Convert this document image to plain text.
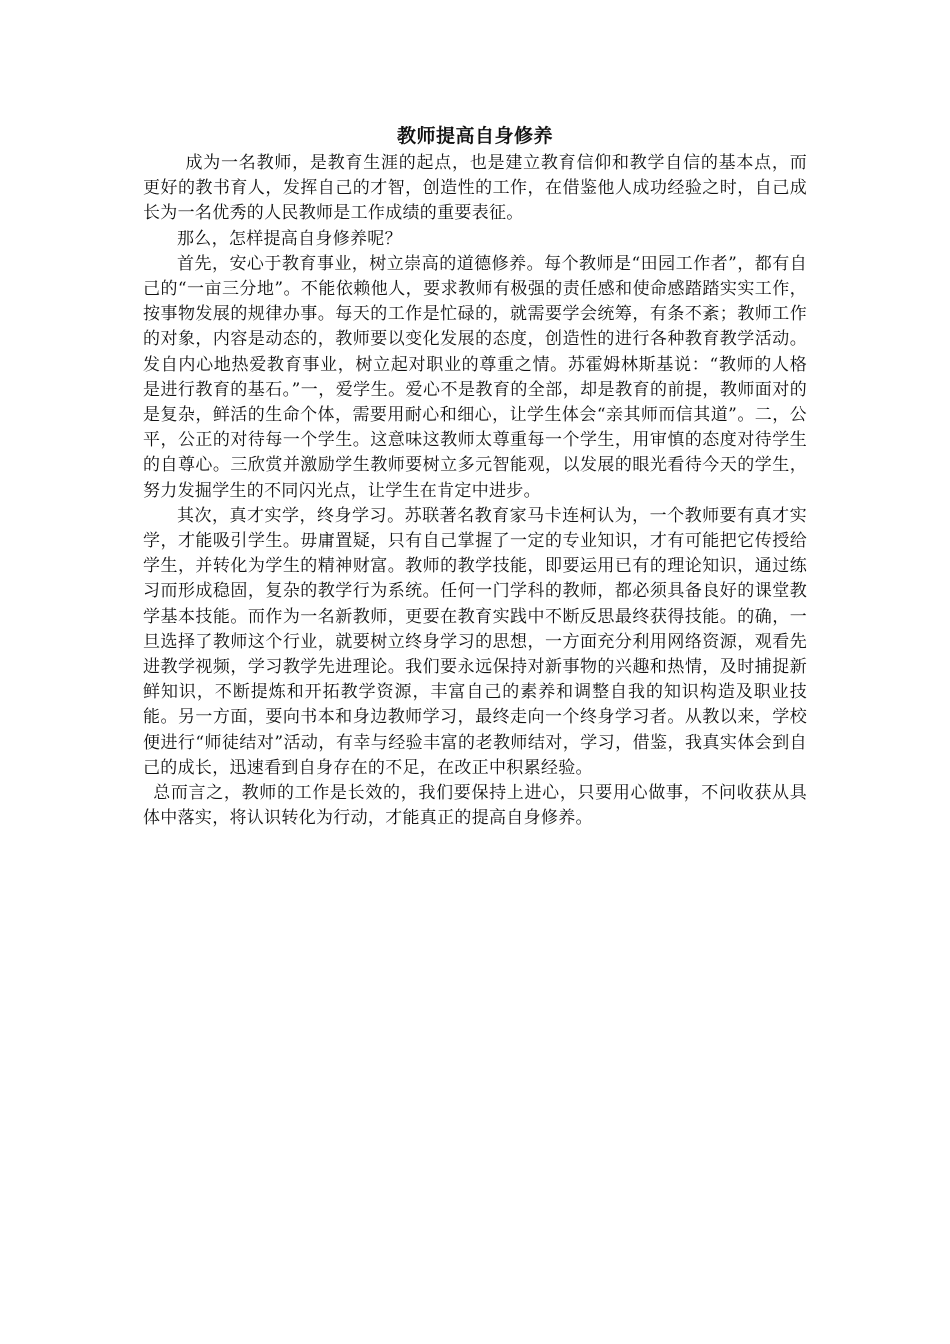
教师提高自身修养

成为一名教师，是教育生涯的起点，也是建立教育信仰和教学自信的基本点，而更好的教书育人，发挥自己的才智，创造性的工作，在借鉴他人成功经验之时，自己成长为一名优秀的人民教师是工作成绩的重要表征。

那么，怎样提高自身修养呢？

首先，安心于教育事业，树立崇高的道德修养。每个教师是“田园工作者”，都有自己的“一亩三分地”。不能依赖他人，要求教师有极强的责任感和使命感踏踏实实工作，按事物发展的规律办事。每天的工作是忙碌的，就需要学会统筹，有条不紊；教师工作的对象，内容是动态的，教师要以变化发展的态度，创造性的进行各种教育教学活动。发自内心地热爱教育事业，树立起对职业的尊重之情。苏霍姆林斯基说：“教师的人格是进行教育的基石。”一，爱学生。爱心不是教育的全部，却是教育的前提，教师面对的是复杂，鲜活的生命个体，需要用耐心和细心，让学生体会“亲其师而信其道”。二，公平，公正的对待每一个学生。这意味这教师太尊重每一个学生，用审慎的态度对待学生的自尊心。三欣赏并激励学生教师要树立多元智能观，以发展的眼光看待今天的学生，努力发掘学生的不同闪光点，让学生在肯定中进步。

其次，真才实学，终身学习。苏联著名教育家马卡连柯认为，一个教师要有真才实学，才能吸引学生。毋庸置疑，只有自己掌握了一定的专业知识，才有可能把它传授给学生，并转化为学生的精神财富。教师的教学技能，即要运用已有的理论知识，通过练习而形成稳固，复杂的教学行为系统。任何一门学科的教师，都必须具备良好的课堂教学基本技能。而作为一名新教师，更要在教育实践中不断反思最终获得技能。的确，一旦选择了教师这个行业，就要树立终身学习的思想，一方面充分利用网络资源，观看先进教学视频，学习教学先进理论。我们要永远保持对新事物的兴趣和热情，及时捕捉新鲜知识，不断提炼和开拓教学资源，丰富自己的素养和调整自我的知识构造及职业技能。另一方面，要向书本和身边教师学习，最终走向一个终身学习者。从教以来，学校便进行“师徒结对”活动，有幸与经验丰富的老教师结对，学习，借鉴，我真实体会到自己的成长，迅速看到自身存在的不足，在改正中积累经验。

总而言之，教师的工作是长效的，我们要保持上进心，只要用心做事，不问收获从具体中落实，将认识转化为行动，才能真正的提高自身修养。
